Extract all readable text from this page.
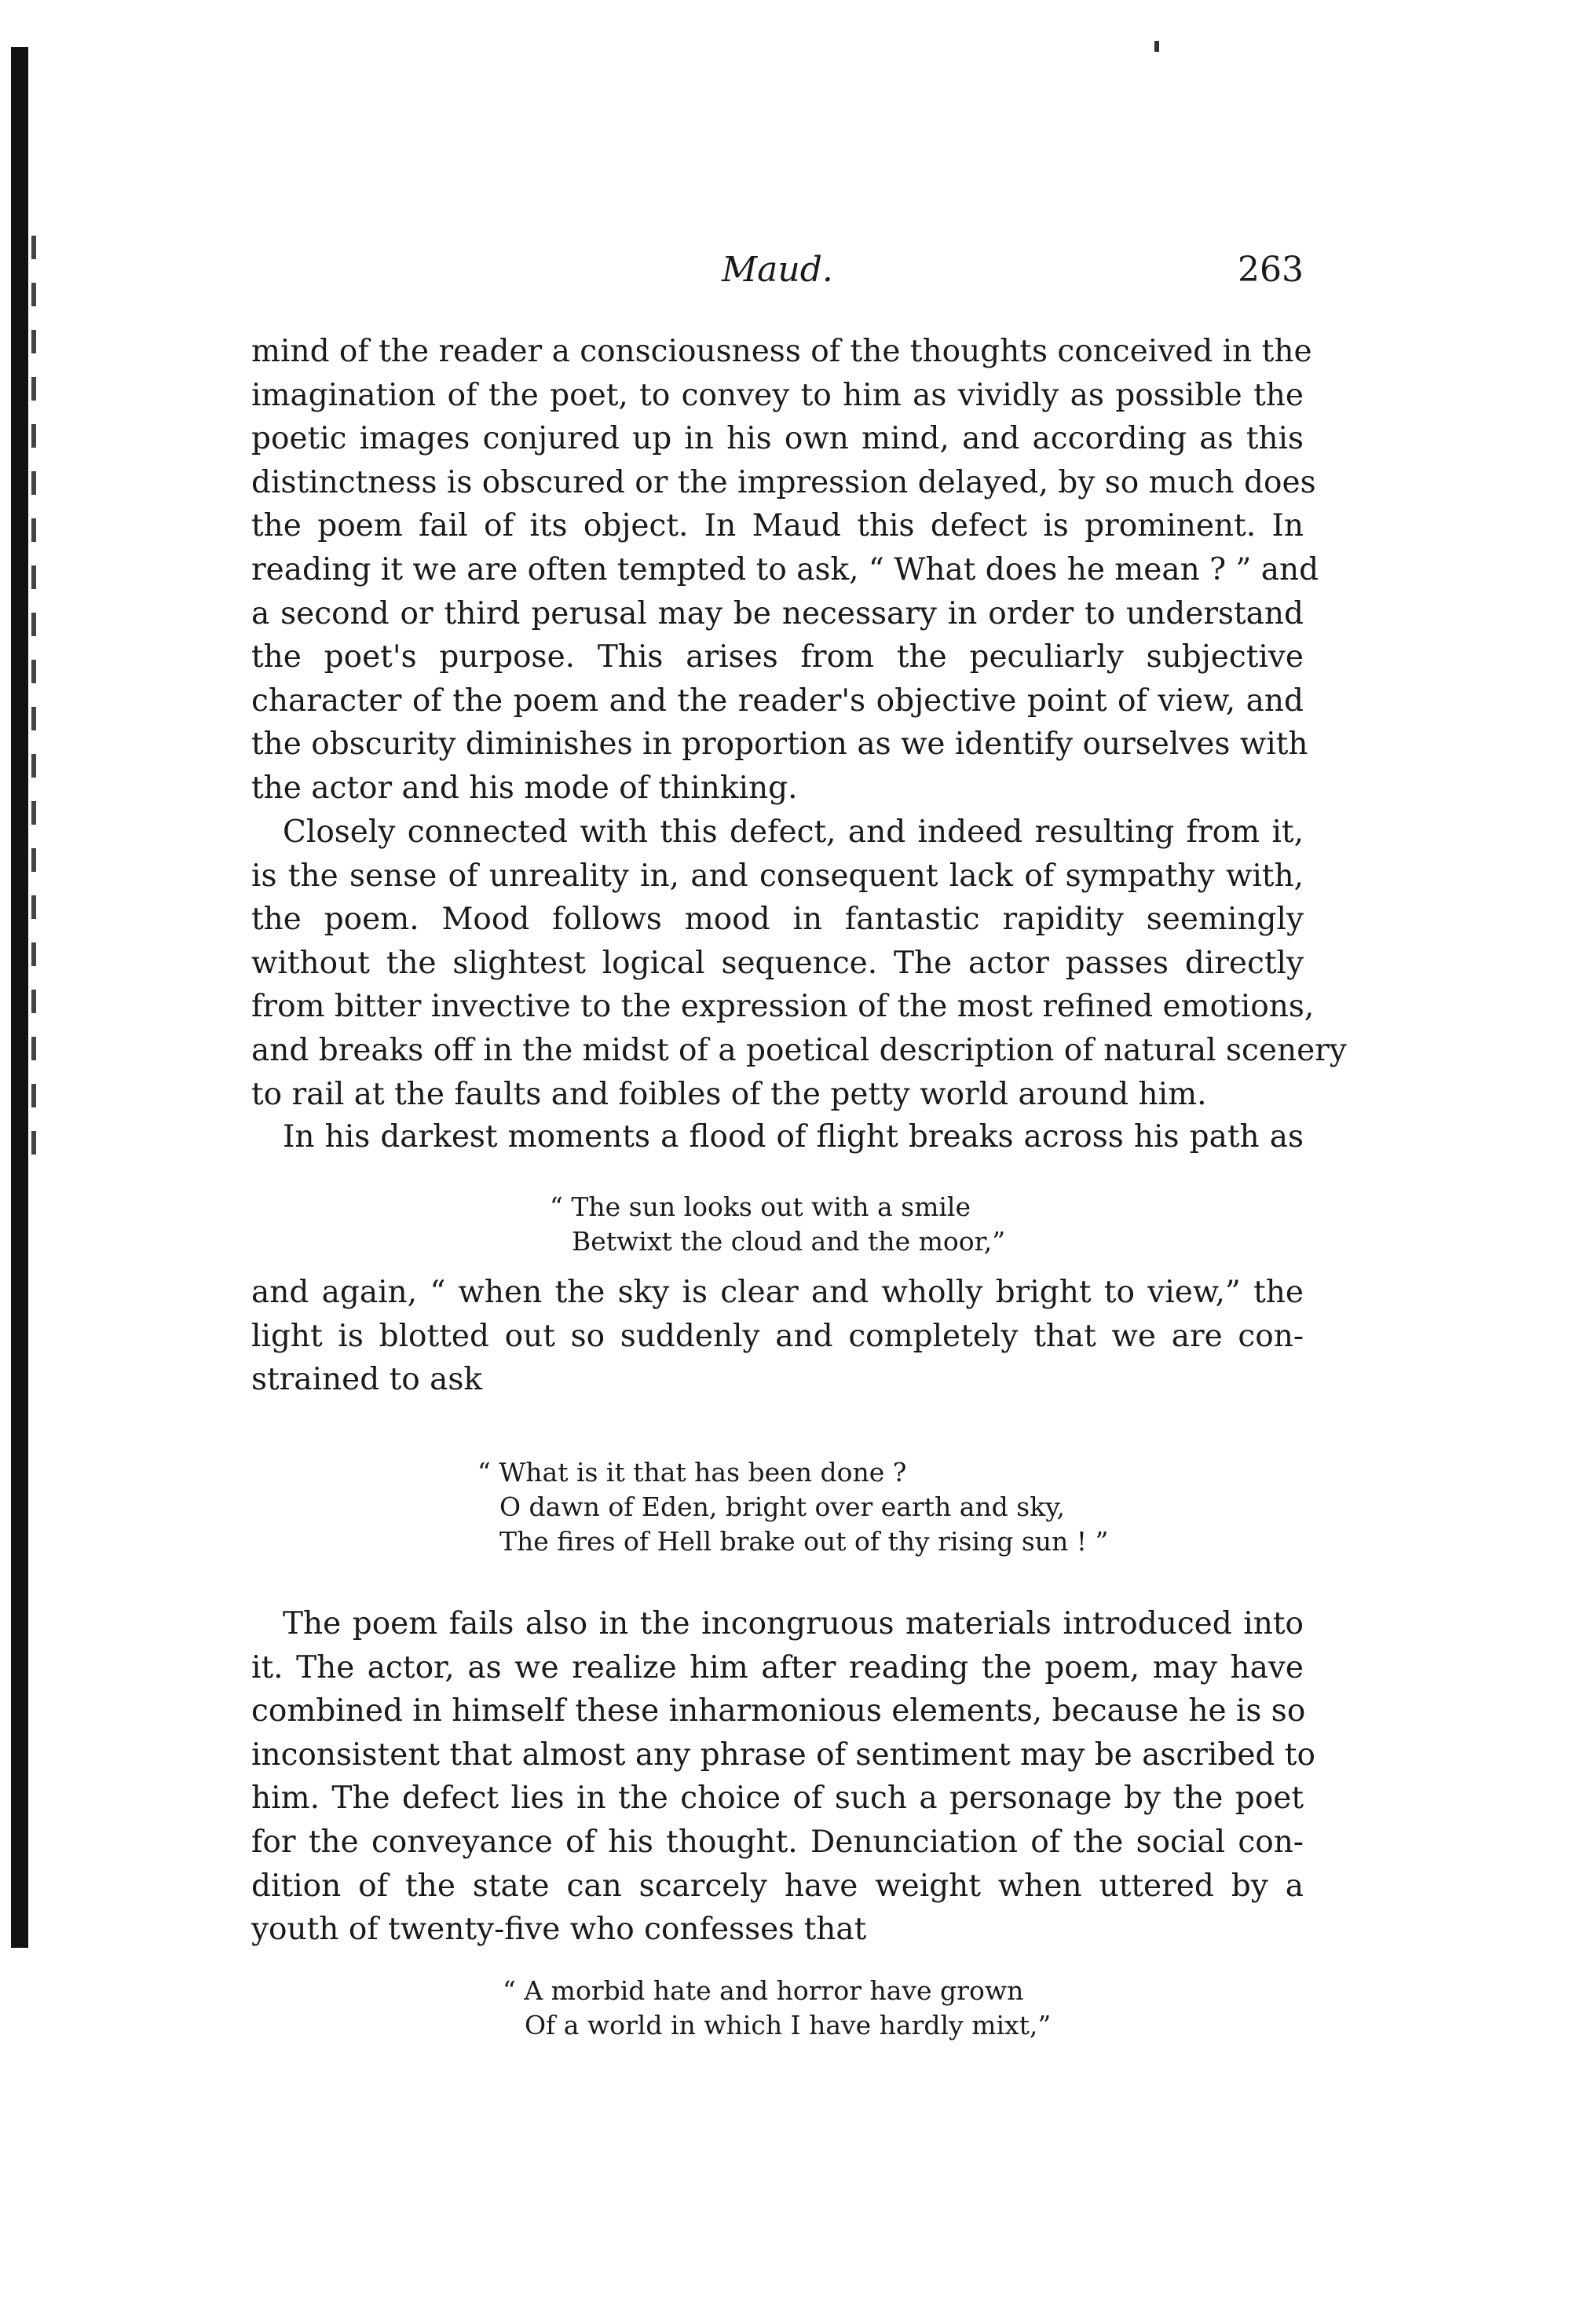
Maud.	263
mind of the reader a consciousness of the thoughts conceived in the
imagination of the poet, to convey to him as vividly as possible the
poetic images conjured up in his own mind, and according as this
distinctness is obscured or the impression delayed, by so much does
the poem fail of its object. In Maud this defect is prominent. In
reading it we are often tempted to ask, “ What does he mean ? ” and
a second or third perusal may be necessary in order to understand
the poet's purpose. This arises from the peculiarly subjective
character of the poem and the reader's objective point of view, and
the obscurity diminishes in proportion as we identify ourselves with
the actor and his mode of thinking.
Closely connected with this defect, and indeed resulting from it,
is the sense of unreality in, and consequent lack of sympathy with,
the poem. Mood follows mood in fantastic rapidity seemingly
without the slightest logical sequence. The actor passes directly
from bitter invective to the expression of the most refined emotions,
and breaks off in the midst of a poetical description of natural scenery
to rail at the faults and foibles of the petty world around him.
In his darkest moments a flood of flight breaks across his path as
“ The sun looks out with a smile
Betwixt the cloud and the moor,”
and again, “ when the sky is clear and wholly bright to view,” the
light is blotted out so suddenly and completely that we are con-
strained to ask
“ What is it that has been done ?
O dawn of Eden, bright over earth and sky,
The fires of Hell brake out of thy rising sun ! ”
The poem fails also in the incongruous materials introduced into
it. The actor, as we realize him after reading the poem, may have
combined in himself these inharmonious elements, because he is so
inconsistent that almost any phrase of sentiment may be ascribed to
him. The defect lies in the choice of such a personage by the poet
for the conveyance of his thought. Denunciation of the social con-
dition of the state can scarcely have weight when uttered by a
youth of twenty-five who confesses that
“ A morbid hate and horror have grown
Of a world in which I have hardly mixt,”
